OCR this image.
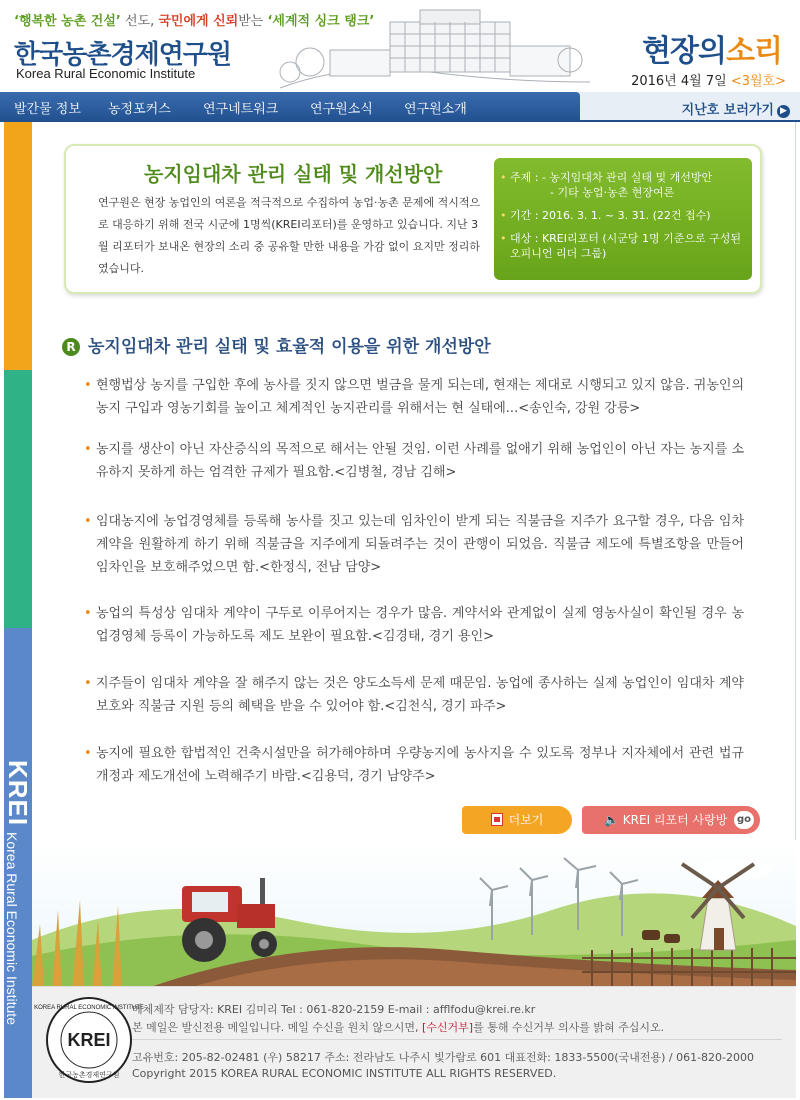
‘행복한 농촌 건설’ 선도, 국민에게 신뢰받는 ‘세계적 싱크 탱크’
한국농촌경제연구원
Korea Rural Economic Institute
현장의소리
2016년 4월 7일 <3월호>
발간물 정보 농정포커스 연구네트워크 연구원소식 연구원소개	지난호 보러가기 ▶
KREI
Korea Rural Economic Institute
농지임대차 관리 실태 및 개선방안
연구원은 현장 농업인의 여론을 적극적으로 수집하여 농업·농촌 문제에 적시적으로 대응하기 위해 전국 시군에 1명씩(KREI리포터)를 운영하고 있습니다. 지난 3월 리포터가 보내온 현장의 소리 중 공유할 만한 내용을 가감 없이 요지만 정리하였습니다.
• 주제 : - 농지임대차 관리 실태 및 개선방안
- 기타 농업·농촌 현장여론
• 기간 : 2016. 3. 1. ~ 3. 31. (22건 접수)
• 대상 : KREI리포터 (시군당 1명 기준으로 구성된 오피니언 리더 그룹)
R 농지임대차 관리 실태 및 효율적 이용을 위한 개선방안
• 현행법상 농지를 구입한 후에 농사를 짓지 않으면 벌금을 물게 되는데, 현재는 제대로 시행되고 있지 않음. 귀농인의 농지 구입과 영농기회를 높이고 체계적인 농지관리를 위해서는 현 실태에...<송인숙, 강원 강릉>
• 농지를 생산이 아닌 자산증식의 목적으로 해서는 안될 것임. 이런 사례를 없애기 위해 농업인이 아닌 자는 농지를 소유하지 못하게 하는 엄격한 규제가 필요함.<김병철, 경남 김해>
• 임대농지에 농업경영체를 등록해 농사를 짓고 있는데 임차인이 받게 되는 직불금을 지주가 요구할 경우, 다음 임차계약을 원활하게 하기 위해 직불금을 지주에게 되돌려주는 것이 관행이 되었음. 직불금 제도에 특별조항을 만들어 임차인을 보호해주었으면 함.<한정식, 전남 담양>
• 농업의 특성상 임대차 계약이 구두로 이루어지는 경우가 많음. 계약서와 관계없이 실제 영농사실이 확인될 경우 농업경영체 등록이 가능하도록 제도 보완이 필요함.<김경태, 경기 용인>
• 지주들이 임대차 계약을 잘 해주지 않는 것은 양도소득세 문제 때문임. 농업에 종사하는 실제 농업인이 임대차 계약 보호와 직불금 지원 등의 혜택을 받을 수 있어야 함.<김천식, 경기 파주>
• 농지에 필요한 합법적인 건축시설만을 허가해야하며 우량농지에 농사지을 수 있도록 정부나 지자체에서 관련 법규 개정과 제도개선에 노력해주기 바람.<김용덕, 경기 남양주>
더보기	🔈 KREI 리포터 사랑방 go
KREI
KOREA RURAL ECONOMIC INSTITUTE
한국농촌경제연구원
메체제작 담당자: KREI 김미리 Tel : 061-820-2159 E-mail : afflfodu@krei.re.kr
본 메일은 발신전용 메일입니다. 메일 수신을 원치 않으시면, [수신거부]를 통해 수신거부 의사를 밝혀 주십시오.
고유번호: 205-82-02481 (우) 58217 주소: 전라남도 나주시 빛가람로 601 대표전화: 1833-5500(국내전용) / 061-820-2000
Copyright 2015 KOREA RURAL ECONOMIC INSTITUTE ALL RIGHTS RESERVED.
